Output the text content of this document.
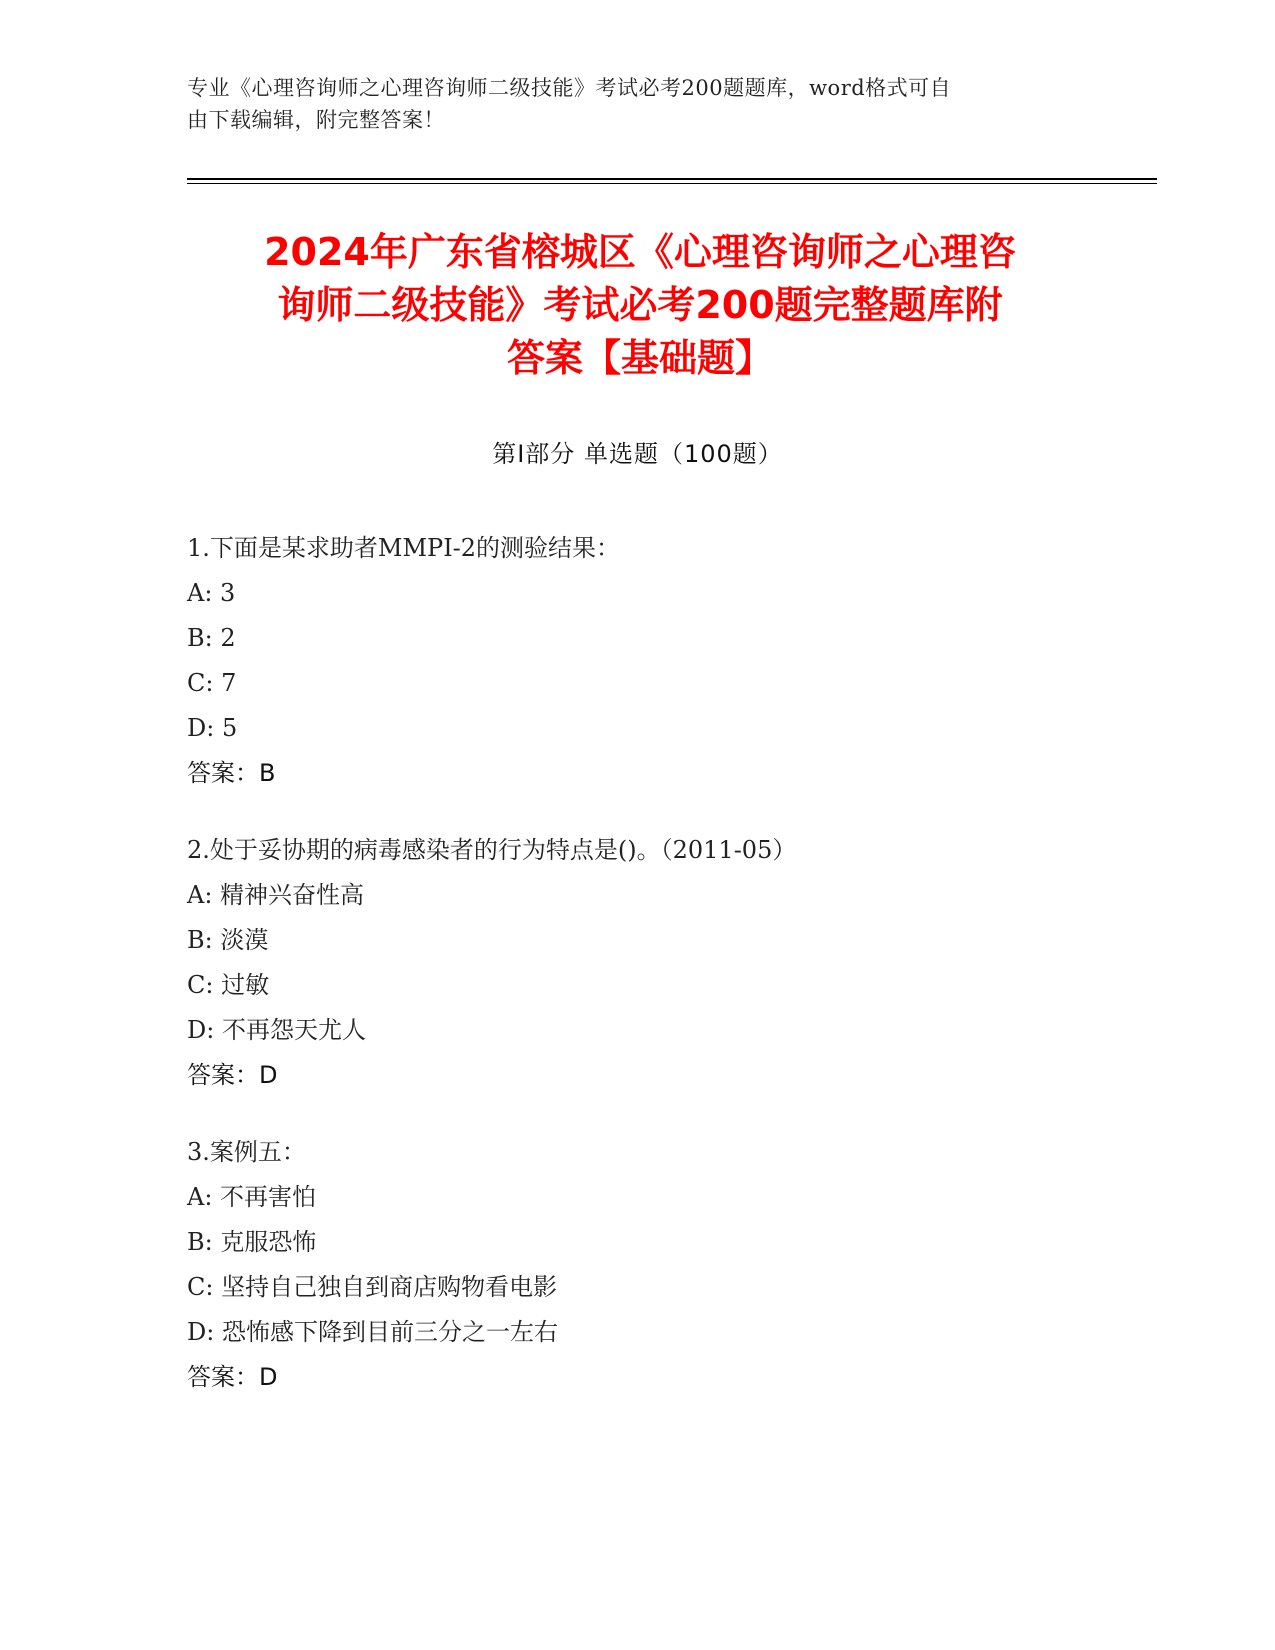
专业《心理咨询师之心理咨询师二级技能》考试必考200题题库，word格式可自
由下载编辑，附完整答案！
2024年广东省榕城区《心理咨询师之心理咨
询师二级技能》考试必考200题完整题库附
答案【基础题】
第Ⅰ部分 单选题（100题）
1.下面是某求助者MMPI-2的测验结果：
A: 3
B: 2
C: 7
D: 5
答案：B
2.处于妥协期的病毒感染者的行为特点是()。（2011-05）
A: 精神兴奋性高
B: 淡漠
C: 过敏
D: 不再怨天尤人
答案：D
3.案例五：
A: 不再害怕
B: 克服恐怖
C: 坚持自己独自到商店购物看电影
D: 恐怖感下降到目前三分之一左右
答案：D
